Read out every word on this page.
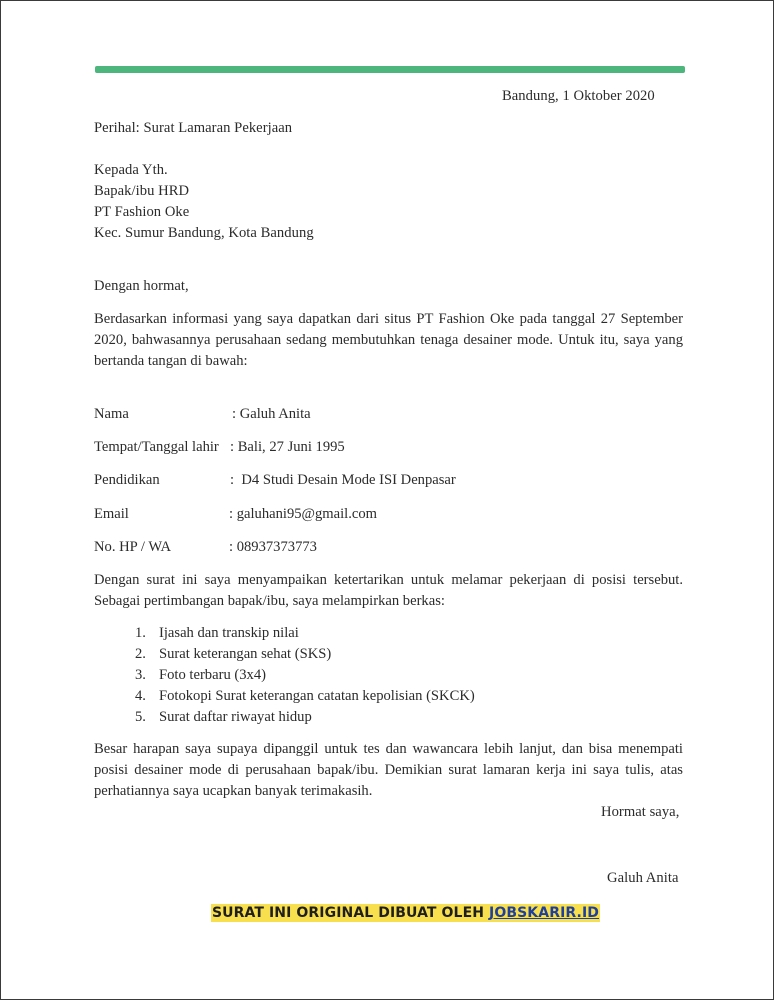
Bandung, 1 Oktober 2020
Perihal: Surat Lamaran Pekerjaan
Kepada Yth.
Bapak/ibu HRD
PT Fashion Oke
Kec. Sumur Bandung, Kota Bandung
Dengan hormat,
Berdasarkan informasi yang saya dapatkan dari situs PT Fashion Oke pada tanggal 27 September 2020, bahwasannya perusahaan sedang membutuhkan tenaga desainer mode. Untuk itu, saya yang bertanda tangan di bawah:
Nama	: Galuh Anita
Tempat/Tanggal lahir : Bali, 27 Juni 1995
Pendidikan	:  D4 Studi Desain Mode ISI Denpasar
Email	: galuhani95@gmail.com
No. HP / WA	: 08937373773
Dengan surat ini saya menyampaikan ketertarikan untuk melamar pekerjaan di posisi tersebut. Sebagai pertimbangan bapak/ibu, saya melampirkan berkas:
1. Ijasah dan transkip nilai
2. Surat keterangan sehat (SKS)
3. Foto terbaru (3x4)
4. Fotokopi Surat keterangan catatan kepolisian (SKCK)
5. Surat daftar riwayat hidup
Besar harapan saya supaya dipanggil untuk tes dan wawancara lebih lanjut, dan bisa menempati posisi desainer mode di perusahaan bapak/ibu. Demikian surat lamaran kerja ini saya tulis, atas perhatiannya saya ucapkan banyak terimakasih.
Hormat saya,
Galuh Anita
SURAT INI ORIGINAL DIBUAT OLEH JOBSKARIR.ID
